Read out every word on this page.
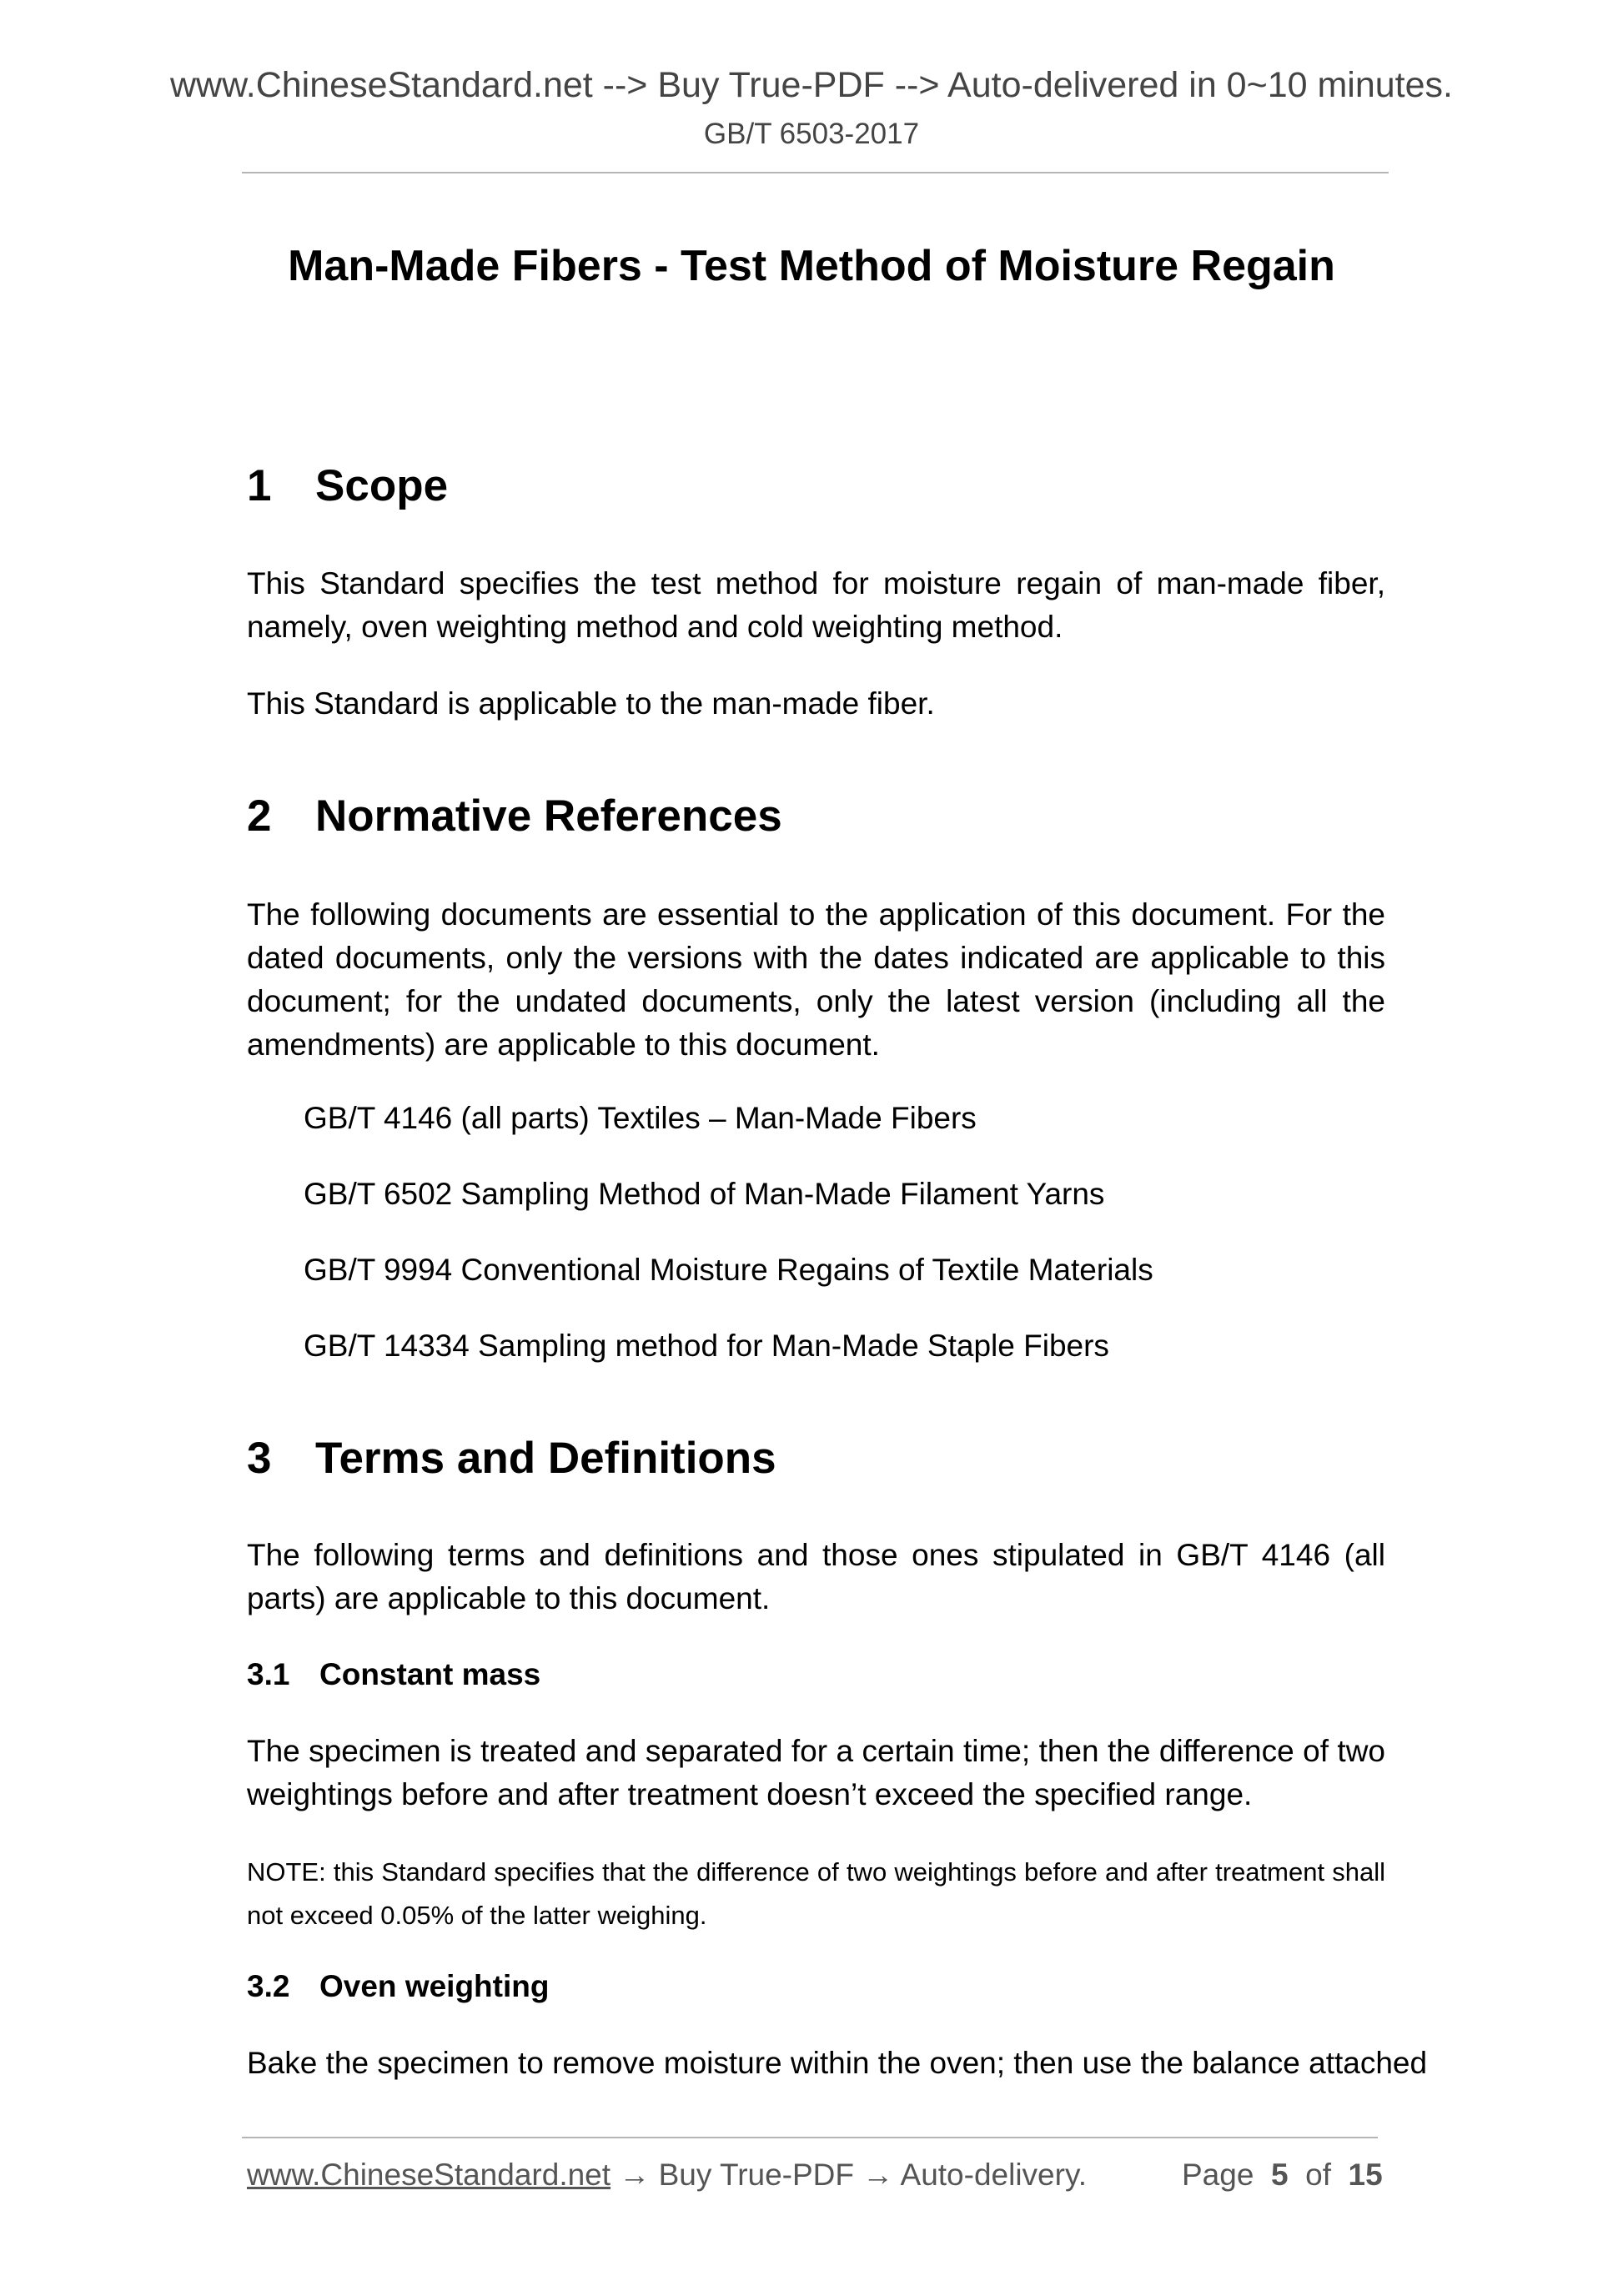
www.ChineseStandard.net --> Buy True-PDF --> Auto-delivered in 0~10 minutes.
GB/T 6503-2017
Man-Made Fibers - Test Method of Moisture Regain
1 Scope

This Standard specifies the test method for moisture regain of man-made fiber, namely, oven weighting method and cold weighting method.

This Standard is applicable to the man-made fiber.

2 Normative References

The following documents are essential to the application of this document. For the dated documents, only the versions with the dates indicated are applicable to this document; for the undated documents, only the latest version (including all the amendments) are applicable to this document.

GB/T 4146 (all parts) Textiles – Man-Made Fibers
GB/T 6502 Sampling Method of Man-Made Filament Yarns
GB/T 9994 Conventional Moisture Regains of Textile Materials
GB/T 14334 Sampling method for Man-Made Staple Fibers
3 Terms and Definitions

The following terms and definitions and those ones stipulated in GB/T 4146 (all parts) are applicable to this document.

3.1 Constant mass

The specimen is treated and separated for a certain time; then the difference of two weightings before and after treatment doesn’t exceed the specified range.

NOTE: this Standard specifies that the difference of two weightings before and after treatment shall not exceed 0.05% of the latter weighing.

3.2 Oven weighting

Bake the specimen to remove moisture within the oven; then use the balance attached

www.ChineseStandard.net → Buy True-PDF → Auto-delivery.	Page 5 of 15
